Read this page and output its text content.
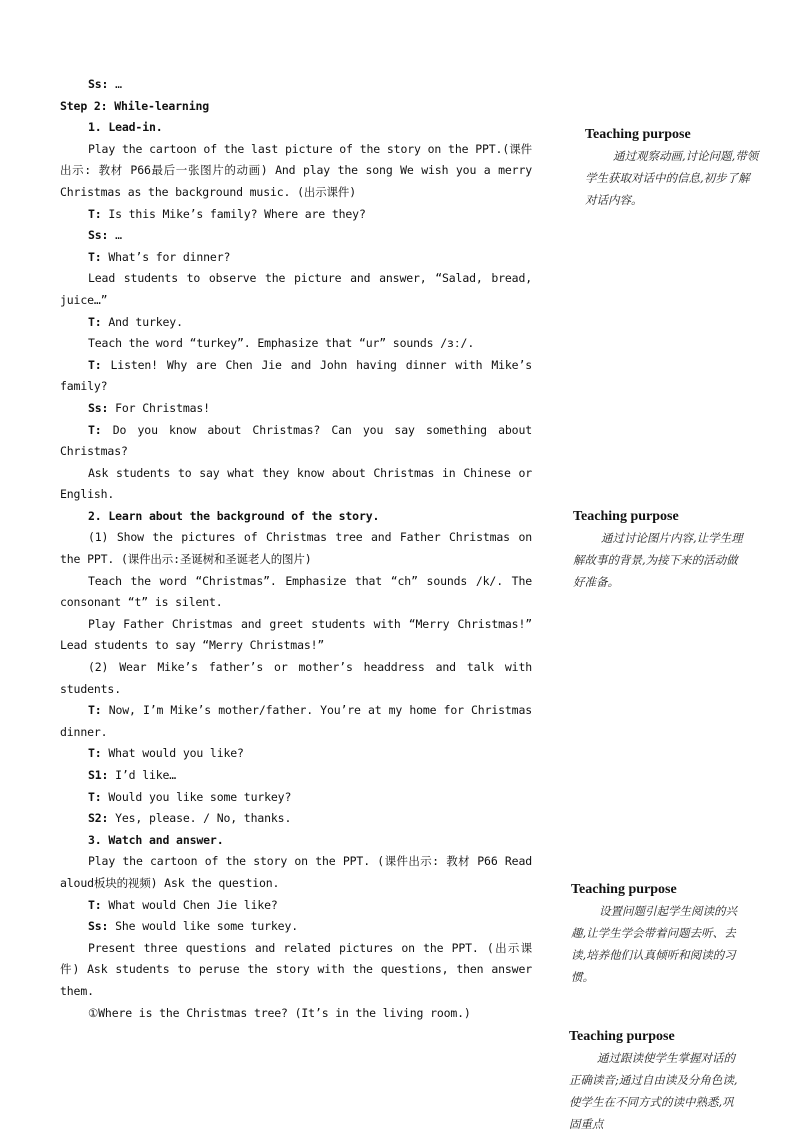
Ss: …

Step 2: While-learning

1. Lead-in.

Play the cartoon of the last picture of the story on the PPT.(课件出示: 教材 P66最后一张图片的动画) And play the song We wish you a merry Christmas as the background music. (出示课件)

T: Is this Mike’s family? Where are they?

Ss: …

T: What’s for dinner?

Lead students to observe the picture and answer, “Salad, bread, juice…”

T: And turkey.

Teach the word “turkey”. Emphasize that “ur” sounds /ɜː/.

T: Listen! Why are Chen Jie and John having dinner with Mike’s family?

Ss: For Christmas!

T: Do you know about Christmas? Can you say something about Christmas?

Ask students to say what they know about Christmas in Chinese or English.

2. Learn about the background of the story.

(1) Show the pictures of Christmas tree and Father Christmas on the PPT. (课件出示:圣诞树和圣诞老人的图片)

Teach the word “Christmas”. Emphasize that “ch” sounds /k/. The consonant “t” is silent.

Play Father Christmas and greet students with “Merry Christmas!” Lead students to say “Merry Christmas!”

(2) Wear Mike’s father’s or mother’s headdress and talk with students.

T: Now, I’m Mike’s mother/father. You’re at my home for Christmas dinner.

T: What would you like?

S1: I’d like…

T: Would you like some turkey?

S2: Yes, please. / No, thanks.

3. Watch and answer.

Play the cartoon of the story on the PPT. (课件出示: 教材 P66 Read aloud板块的视频) Ask the question.

T: What would Chen Jie like?

Ss: She would like some turkey.

Present three questions and related pictures on the PPT. (出示课件) Ask students to peruse the story with the questions, then answer them.

①Where is the Christmas tree? (It’s in the living room.)

Teaching purpose

通过观察动画,讨论问题,带领学生获取对话中的信息,初步了解对话内容。

Teaching purpose

通过讨论图片内容,让学生理解故事的背景,为接下来的活动做好准备。

Teaching purpose

设置问题引起学生阅读的兴趣,让学生学会带着问题去听、去读,培养他们认真倾听和阅读的习惯。

Teaching purpose

通过跟读使学生掌握对话的正确读音;通过自由读及分角色读,使学生在不同方式的读中熟悉,巩固重点
